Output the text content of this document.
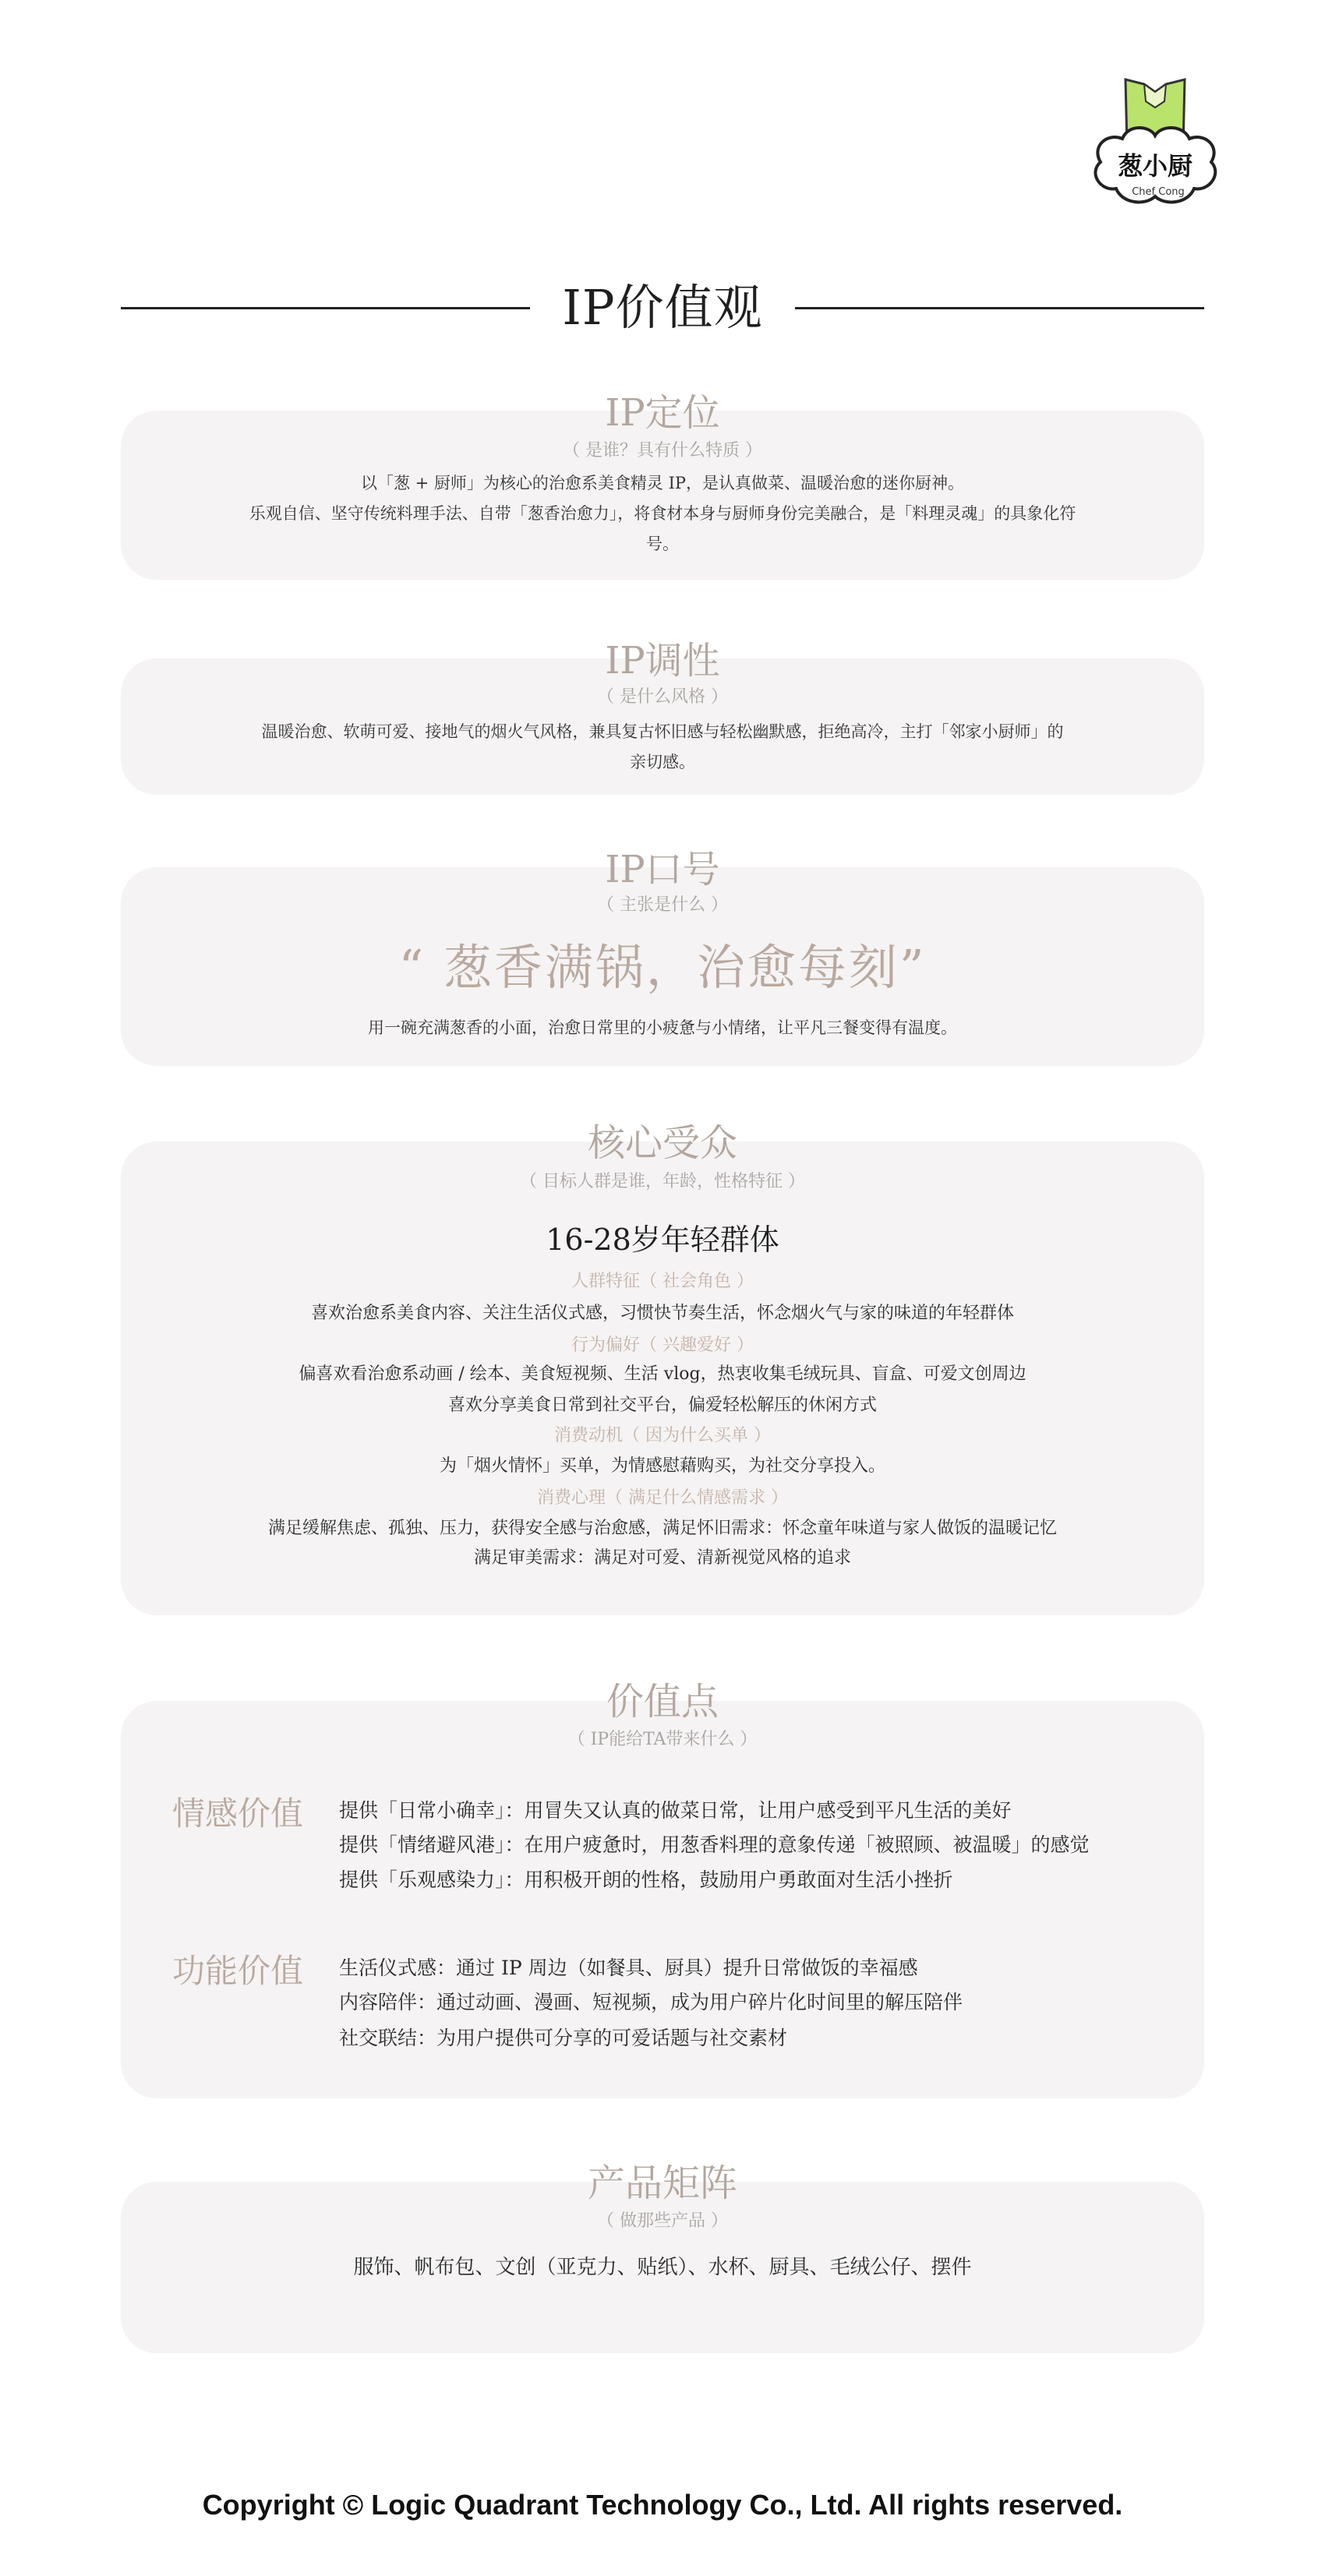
葱小厨
Chef Cong
IP价值观
IP定位
（ 是谁？具有什么特质 ）
以「葱 + 厨师」为核心的治愈系美食精灵 IP，是认真做菜、温暖治愈的迷你厨神。
乐观自信、坚守传统料理手法、自带「葱香治愈力」，将食材本身与厨师身份完美融合，是「料理灵魂」的具象化符
号。
IP调性
（ 是什么风格 ）
温暖治愈、软萌可爱、接地气的烟火气风格，兼具复古怀旧感与轻松幽默感，拒绝高冷，主打「邻家小厨师」的
亲切感。
IP口号
（ 主张是什么 ）
“ 葱香满锅，治愈每刻”
用一碗充满葱香的小面，治愈日常里的小疲惫与小情绪，让平凡三餐变得有温度。
核心受众
（ 目标人群是谁，年龄，性格特征 ）
16-28岁年轻群体
人群特征（ 社会角色 ）
喜欢治愈系美食内容、关注生活仪式感，习惯快节奏生活，怀念烟火气与家的味道的年轻群体
行为偏好（ 兴趣爱好 ）
偏喜欢看治愈系动画 / 绘本、美食短视频、生活 vlog，热衷收集毛绒玩具、盲盒、可爱文创周边
喜欢分享美食日常到社交平台，偏爱轻松解压的休闲方式
消费动机（ 因为什么买单 ）
为「烟火情怀」买单，为情感慰藉购买，为社交分享投入。
消费心理（ 满足什么情感需求 ）
满足缓解焦虑、孤独、压力，获得安全感与治愈感，满足怀旧需求：怀念童年味道与家人做饭的温暖记忆
满足审美需求：满足对可爱、清新视觉风格的追求
价值点
（ IP能给TA带来什么 ）
情感价值	提供「日常小确幸」：用冒失又认真的做菜日常，让用户感受到平凡生活的美好
提供「情绪避风港」：在用户疲惫时，用葱香料理的意象传递「被照顾、被温暖」的感觉
提供「乐观感染力」：用积极开朗的性格，鼓励用户勇敢面对生活小挫折
功能价值	生活仪式感：通过 IP 周边（如餐具、厨具）提升日常做饭的幸福感
内容陪伴：通过动画、漫画、短视频，成为用户碎片化时间里的解压陪伴
社交联结：为用户提供可分享的可爱话题与社交素材
产品矩阵
（ 做那些产品 ）
服饰、帆布包、文创（亚克力、贴纸）、水杯、厨具、毛绒公仔、摆件
Copyright © Logic Quadrant Technology Co., Ltd. All rights reserved.
